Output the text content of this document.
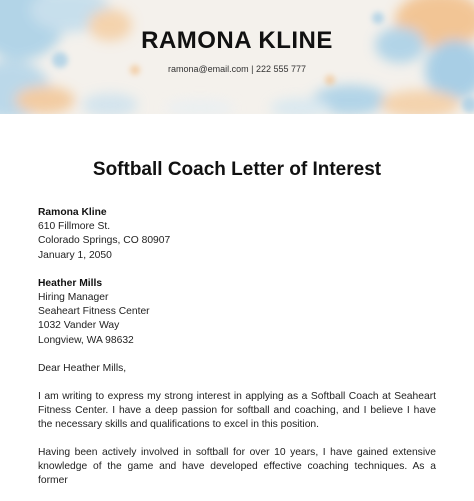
RAMONA KLINE
ramona@email.com | 222 555 777
Softball Coach Letter of Interest
Ramona Kline
610 Fillmore St.
Colorado Springs, CO 80907
January 1, 2050
Heather Mills
Hiring Manager
Seaheart Fitness Center
1032 Vander Way
Longview, WA 98632
Dear Heather Mills,

I am writing to express my strong interest in applying as a Softball Coach at Seaheart Fitness Center. I have a deep passion for softball and coaching, and I believe I have the necessary skills and qualifications to excel in this position.

Having been actively involved in softball for over 10 years, I have gained extensive knowledge of the game and have developed effective coaching techniques. As a former
